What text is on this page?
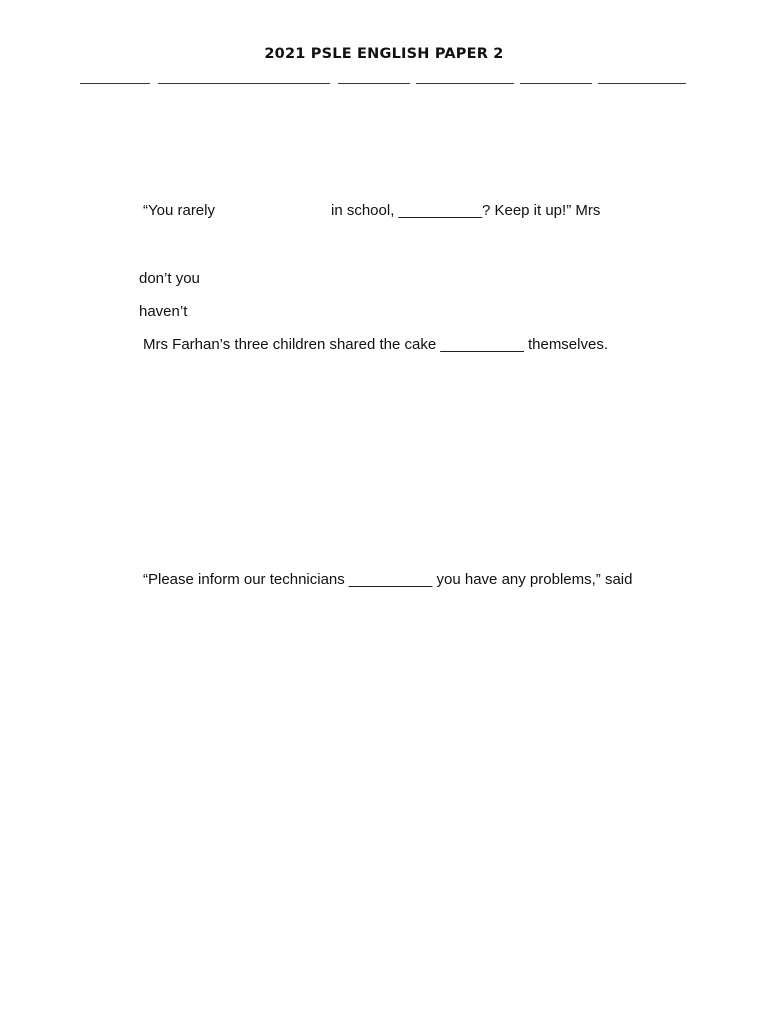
2021 PSLE ENGLISH PAPER 2
“You rarely	in school, __________? Keep it up!” Mrs
don’t you
haven’t
Mrs Farhan’s three children shared the cake __________ themselves.
“Please inform our technicians __________ you have any problems,” said
